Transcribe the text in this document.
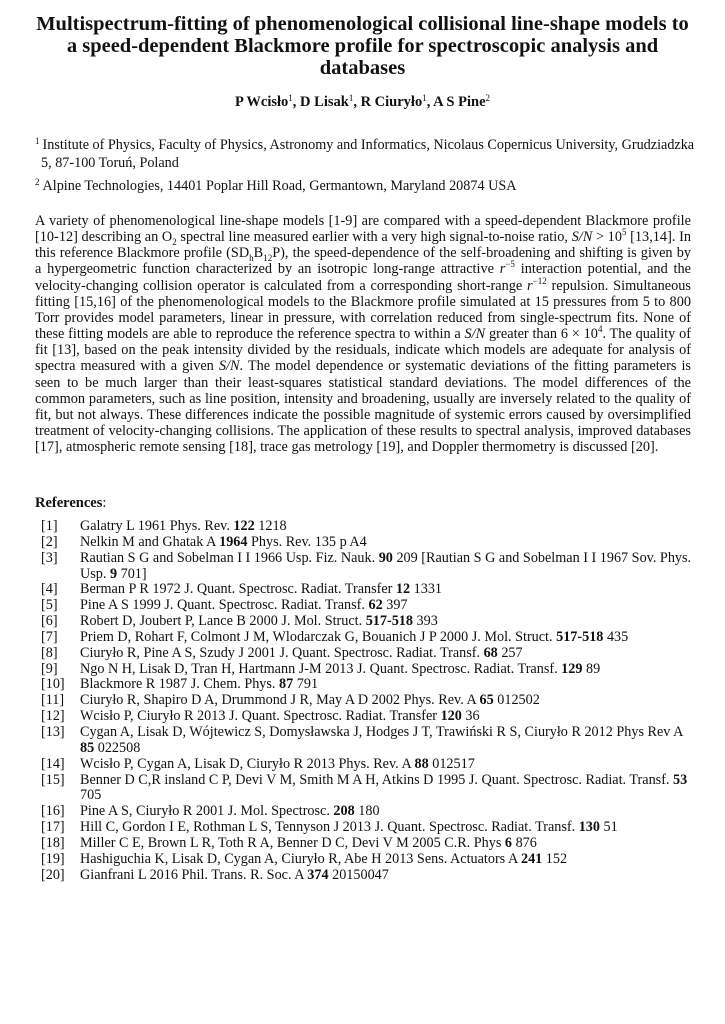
Multispectrum-fitting of phenomenological collisional line-shape models to a speed-dependent Blackmore profile for spectroscopic analysis and databases

P Wcisło$^1$, D Lisak$^1$, R Ciuryło$^1$, A S Pine$^2$

$^1$ Institute of Physics, Faculty of Physics, Astronomy and Informatics, Nicolaus Copernicus University, Grudziadzka 5, 87-100 Toruń, Poland

$^2$ Alpine Technologies, 14401 Poplar Hill Road, Germantown, Maryland 20874 USA

A variety of phenomenological line-shape models [1-9] are compared with a speed-dependent Blackmore profile [10-12] describing an $O_2$ spectral line measured earlier with a very high signal-to-noise ratio, $S/N > 10^5$ [13,14]. In this reference Blackmore profile $(SD_hB_{12}P)$, the speed-dependence of the self-broadening and shifting is given by a hypergeometric function characterized by an isotropic long-range attractive $r^{-5}$ interaction potential, and the velocity-changing collision operator is calculated from a corresponding short-range $r^{-12}$ repulsion. Simultaneous fitting [15,16] of the phenomenological models to the Blackmore profile simulated at 15 pressures from 5 to 800 Torr provides model parameters, linear in pressure, with correlation reduced from single-spectrum fits. None of these fitting models are able to reproduce the reference spectra to within a S/N greater than $6 \times 10^4$. The quality of fit [13], based on the peak intensity divided by the residuals, indicate which models are adequate for analysis of spectra measured with a given S/N. The model dependence or systematic deviations of the fitting parameters is seen to be much larger than their least-squares statistical standard deviations. The model differences of the common parameters, such as line position, intensity and broadening, usually are inversely related to the quality of fit, but not always. These differences indicate the possible magnitude of systemic errors caused by oversimplified treatment of velocity-changing collisions. The application of these results to spectral analysis, improved databases [17], atmospheric remote sensing [18], trace gas metrology [19], and Doppler thermometry is discussed [20].

References:

[1]	Galatry L 1961 Phys. Rev. 122 1218
[2]	Nelkin M and Ghatak A 1964 Phys. Rev. 135 p A4
[3]	Rautian S G and Sobelman I I 1966 Usp. Fiz. Nauk. 90 209 [Rautian S G and Sobelman I I 1967 Sov. Phys. Usp. 9 701]
[4]	Berman P R 1972 J. Quant. Spectrosc. Radiat. Transfer 12 1331
[5]	Pine A S 1999 J. Quant. Spectrosc. Radiat. Transf. 62 397
[6]	Robert D, Joubert P, Lance B 2000 J. Mol. Struct. 517-518 393
[7]	Priem D, Rohart F, Colmont J M, Wlodarczak G, Bouanich J P 2000 J. Mol. Struct. 517-518 435
[8]	Ciuryło R, Pine A S, Szudy J 2001 J. Quant. Spectrosc. Radiat. Transf. 68 257
[9]	Ngo N H, Lisak D, Tran H, Hartmann J-M 2013 J. Quant. Spectrosc. Radiat. Transf. 129 89
[10]	Blackmore R 1987 J. Chem. Phys. 87 791
[11]	Ciuryło R, Shapiro D A, Drummond J R, May A D 2002 Phys. Rev. A 65 012502
[12]	Wcisło P, Ciuryło R 2013 J. Quant. Spectrosc. Radiat. Transfer 120 36
[13]	Cygan A, Lisak D, Wójtewicz S, Domysławska J, Hodges J T, Trawiński R S, Ciuryło R 2012 Phys Rev A 85 022508
[14]	Wcisło P, Cygan A, Lisak D, Ciuryło R 2013 Phys. Rev. A 88 012517
[15]	Benner D C,R insland C P, Devi V M, Smith M A H, Atkins D 1995 J. Quant. Spectrosc. Radiat. Transf. 53 705
[16]	Pine A S, Ciuryło R 2001 J. Mol. Spectrosc. 208 180
[17]	Hill C, Gordon I E, Rothman L S, Tennyson J 2013 J. Quant. Spectrosc. Radiat. Transf. 130 51
[18]	Miller C E, Brown L R, Toth R A, Benner D C, Devi V M 2005 C.R. Phys 6 876
[19]	Hashiguchia K, Lisak D, Cygan A, Ciuryło R, Abe H 2013 Sens. Actuators A 241 152
[20]	Gianfrani L 2016 Phil. Trans. R. Soc. A 374 20150047
